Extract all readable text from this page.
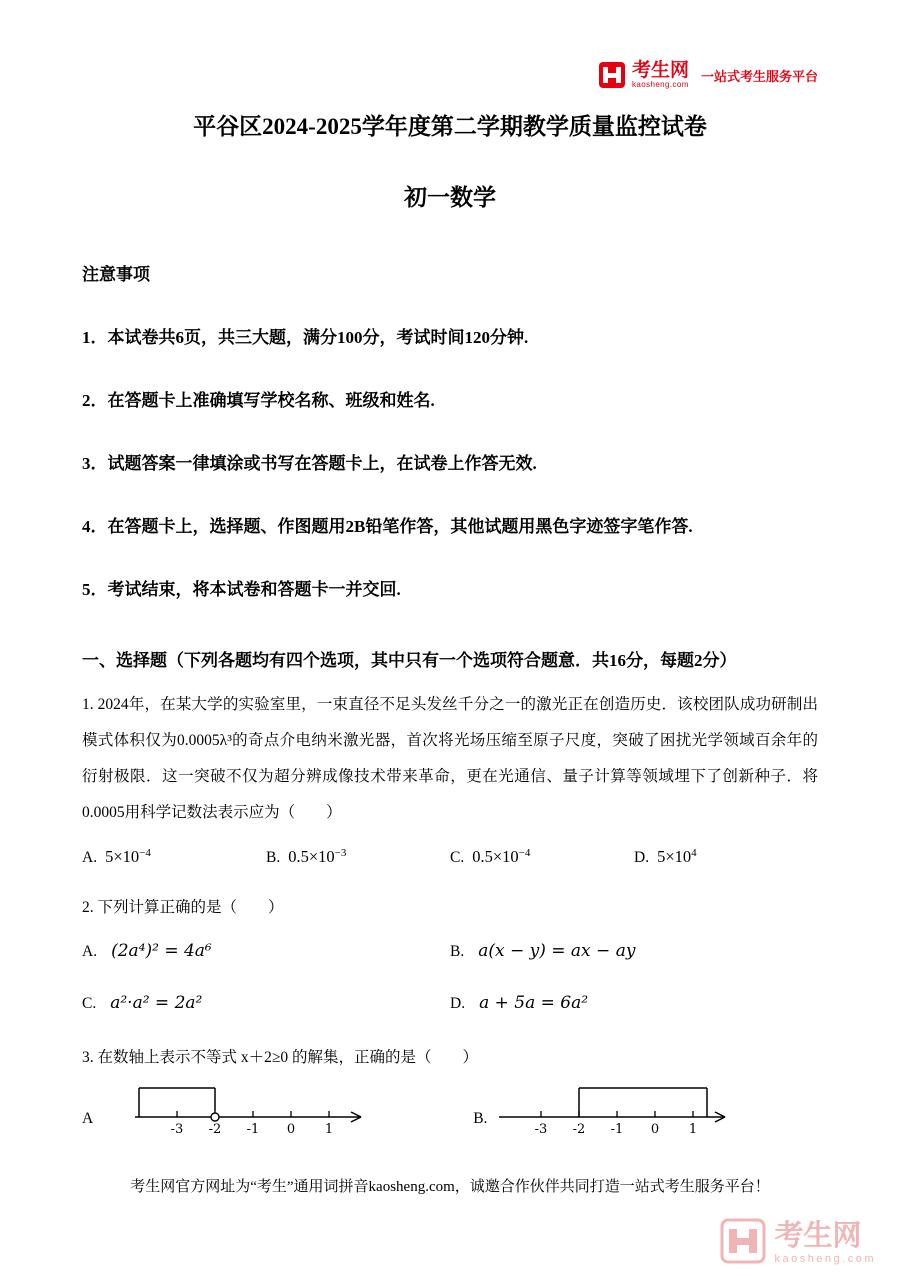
考生网
kaosheng.com
一站式考生服务平台
平谷区2024-2025学年度第二学期教学质量监控试卷
初一数学
注意事项
1．本试卷共6页，共三大题，满分100分，考试时间120分钟.
2．在答题卡上准确填写学校名称、班级和姓名.
3．试题答案一律填涂或书写在答题卡上，在试卷上作答无效.
4．在答题卡上，选择题、作图题用2B铅笔作答，其他试题用黑色字迹签字笔作答.
5．考试结束，将本试卷和答题卡一并交回.
一、选择题（下列各题均有四个选项，其中只有一个选项符合题意．共16分，每题2分）
1. 2024年，在某大学的实验室里，一束直径不足头发丝千分之一的激光正在创造历史．该校团队成功研制出模式体积仅为0.0005λ³的奇点介电纳米激光器，首次将光场压缩至原子尺度，突破了困扰光学领域百余年的衍射极限．这一突破不仅为超分辨成像技术带来革命，更在光通信、量子计算等领域埋下了创新种子．将0.0005用科学记数法表示应为（　　）
A. $5\times 10^{-4}$	B. $0.5\times 10^{-3}$	C. $0.5\times 10^{-4}$	D. $5\times 10^4$
2. 下列计算正确的是（　　）
A. (2a⁴)² = 4a⁶	B. a(x − y) = ax − ay
C. a²·a² = 2a²	D. a + 5a = 6a²
3. 在数轴上表示不等式 x＋2≥0 的解集，正确的是（　　）
A
-3 -2 -1 0 1
B.
-3 -2 -1 0 1
考生网官方网址为“考生”通用词拼音kaosheng.com，诚邀合作伙伴共同打造一站式考生服务平台！
考生网
kaosheng.com
